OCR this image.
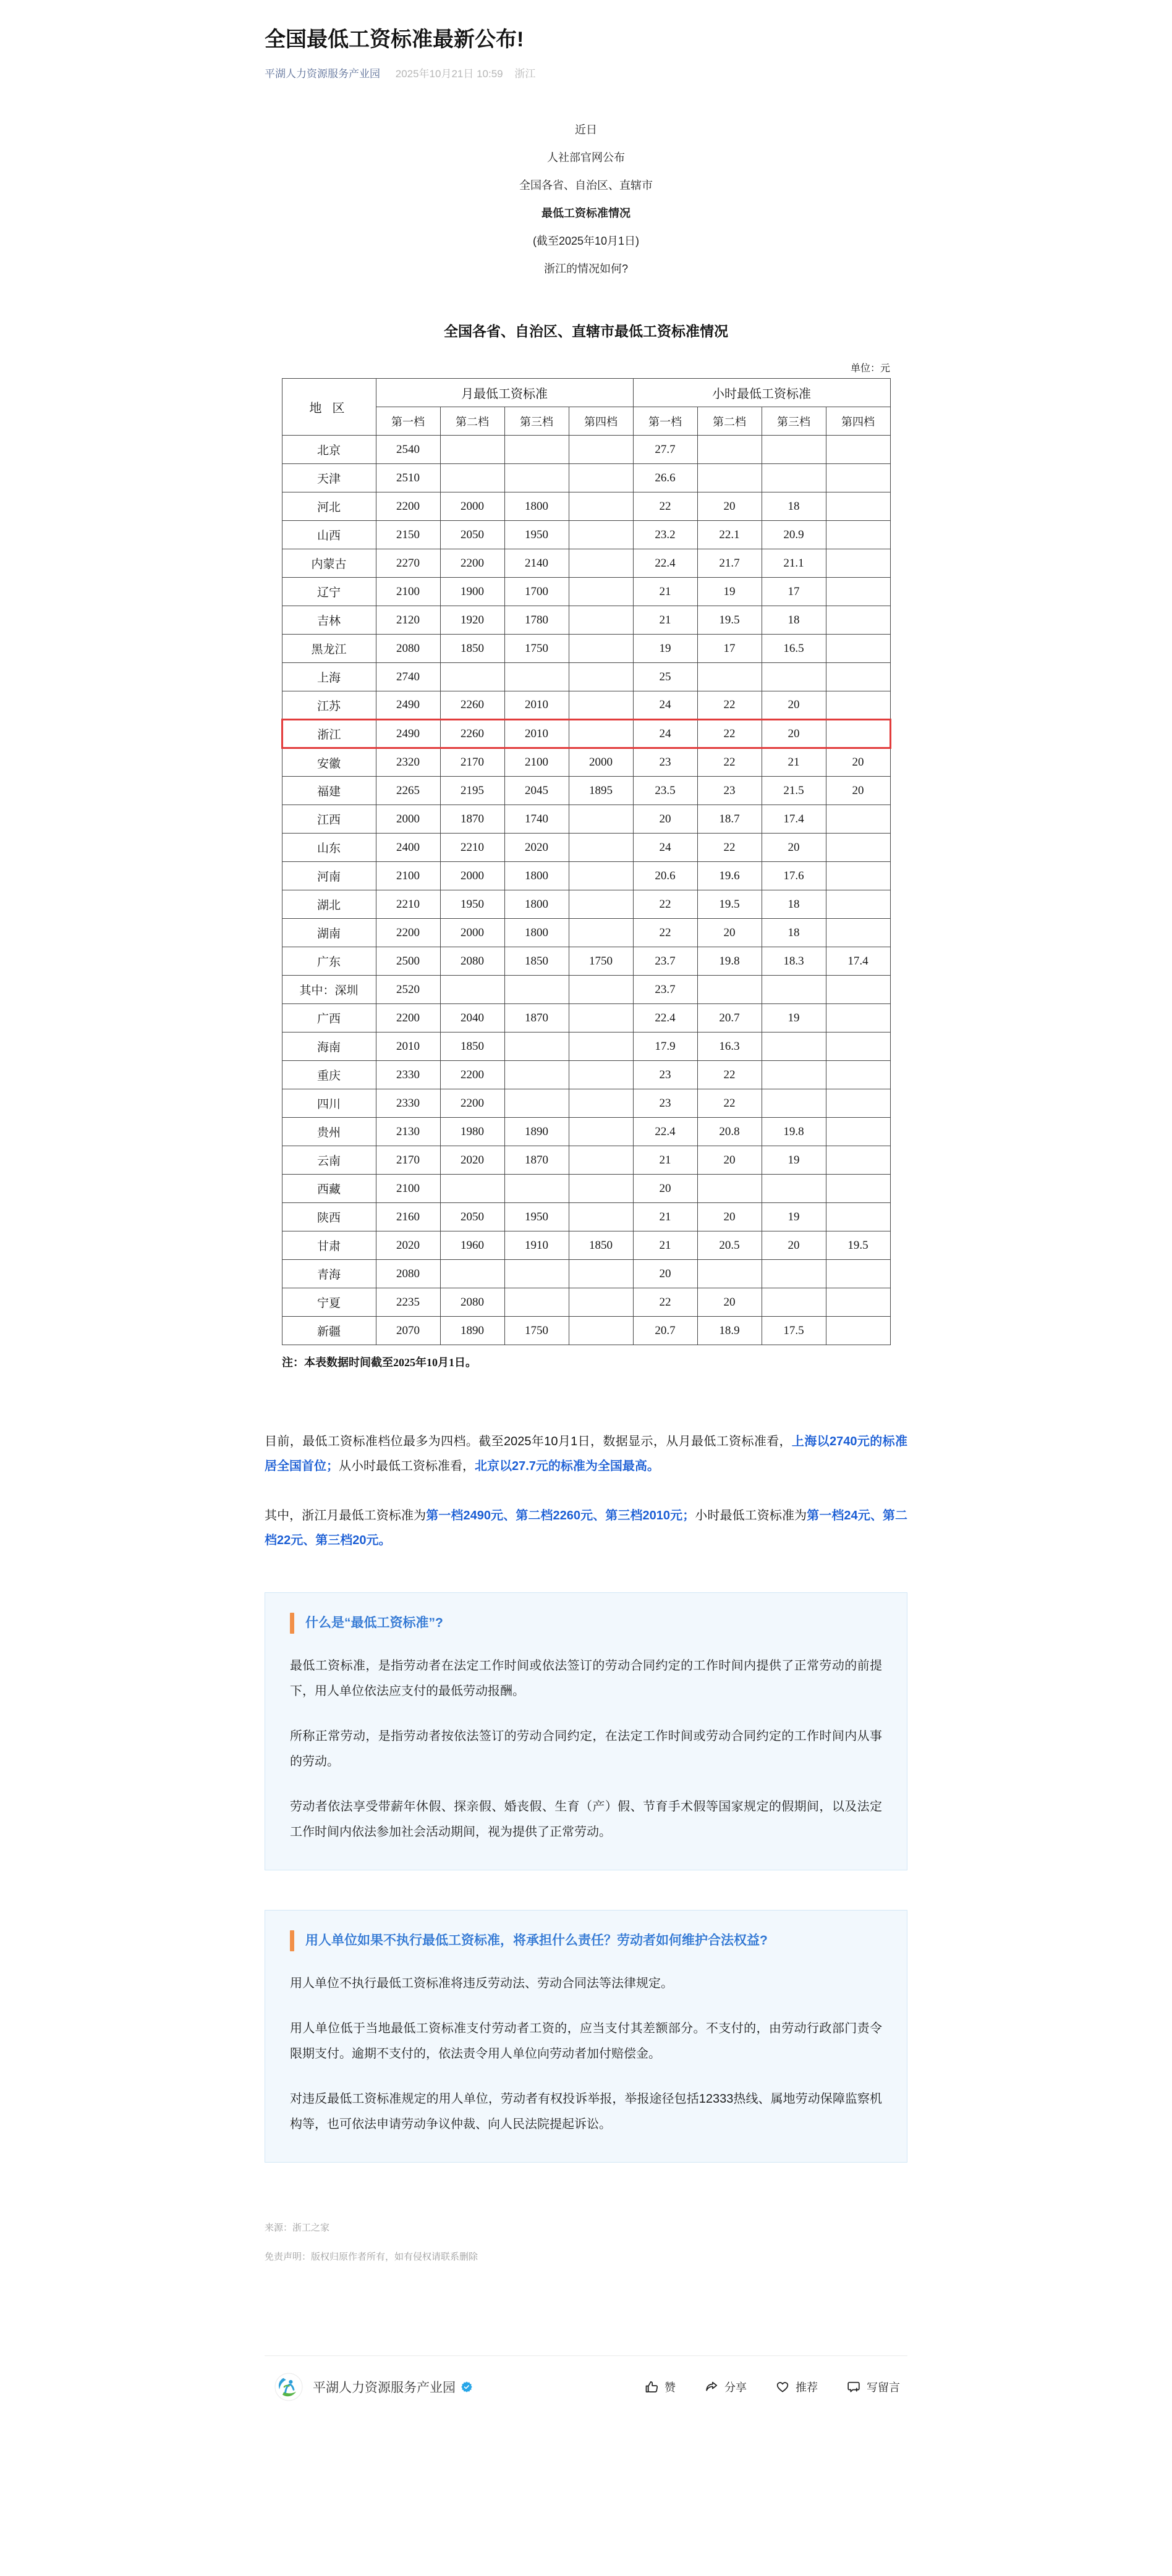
全国最低工资标准最新公布!
平湖人力资源服务产业园 2025年10月21日 10:59 浙江
近日
人社部官网公布
全国各省、自治区、直辖市
最低工资标准情况
(截至2025年10月1日)
浙江的情况如何?
全国各省、自治区、直辖市最低工资标准情况
单位：元
地 区	月最低工资标准				小时最低工资标准			
	第一档	第二档	第三档	第四档	第一档	第二档	第三档	第四档
北京	2540				27.7			
天津	2510				26.6			
河北	2200	2000	1800		22	20	18	
山西	2150	2050	1950		23.2	22.1	20.9	
内蒙古	2270	2200	2140		22.4	21.7	21.1	
辽宁	2100	1900	1700		21	19	17	
吉林	2120	1920	1780		21	19.5	18	
黑龙江	2080	1850	1750		19	17	16.5	
上海	2740				25			
江苏	2490	2260	2010		24	22	20	
浙江	2490	2260	2010		24	22	20	
安徽	2320	2170	2100	2000	23	22	21	20
福建	2265	2195	2045	1895	23.5	23	21.5	20
江西	2000	1870	1740		20	18.7	17.4	
山东	2400	2210	2020		24	22	20	
河南	2100	2000	1800		20.6	19.6	17.6	
湖北	2210	1950	1800		22	19.5	18	
湖南	2200	2000	1800		22	20	18	
广东	2500	2080	1850	1750	23.7	19.8	18.3	17.4
其中：深圳	2520				23.7			
广西	2200	2040	1870		22.4	20.7	19	
海南	2010	1850			17.9	16.3		
重庆	2330	2200			23	22		
四川	2330	2200			23	22		
贵州	2130	1980	1890		22.4	20.8	19.8	
云南	2170	2020	1870		21	20	19	
西藏	2100				20			
陕西	2160	2050	1950		21	20	19	
甘肃	2020	1960	1910	1850	21	20.5	20	19.5
青海	2080				20			
宁夏	2235	2080			22	20		
新疆	2070	1890	1750		20.7	18.9	17.5	
注：本表数据时间截至2025年10月1日。

目前，最低工资标准档位最多为四档。截至2025年10月1日，数据显示，从月最低工资标准看，上海以2740元的标准居全国首位；从小时最低工资标准看，北京以27.7元的标准为全国最高。

其中，浙江月最低工资标准为第一档2490元、第二档2260元、第三档2010元；小时最低工资标准为第一档24元、第二档22元、第三档20元。

什么是“最低工资标准”?

最低工资标准，是指劳动者在法定工作时间或依法签订的劳动合同约定的工作时间内提供了正常劳动的前提下，用人单位依法应支付的最低劳动报酬。

所称正常劳动，是指劳动者按依法签订的劳动合同约定，在法定工作时间或劳动合同约定的工作时间内从事的劳动。

劳动者依法享受带薪年休假、探亲假、婚丧假、生育（产）假、节育手术假等国家规定的假期间，以及法定工作时间内依法参加社会活动期间，视为提供了正常劳动。

用人单位如果不执行最低工资标准，将承担什么责任？劳动者如何维护合法权益?

用人单位不执行最低工资标准将违反劳动法、劳动合同法等法律规定。

用人单位低于当地最低工资标准支付劳动者工资的，应当支付其差额部分。不支付的，由劳动行政部门责令限期支付。逾期不支付的，依法责令用人单位向劳动者加付赔偿金。

对违反最低工资标准规定的用人单位，劳动者有权投诉举报，举报途径包括12333热线、属地劳动保障监察机构等，也可依法申请劳动争议仲裁、向人民法院提起诉讼。

来源：浙工之家
免责声明：版权归原作者所有，如有侵权请联系删除
平湖人力资源服务产业园	赞	分享	推荐	写留言
